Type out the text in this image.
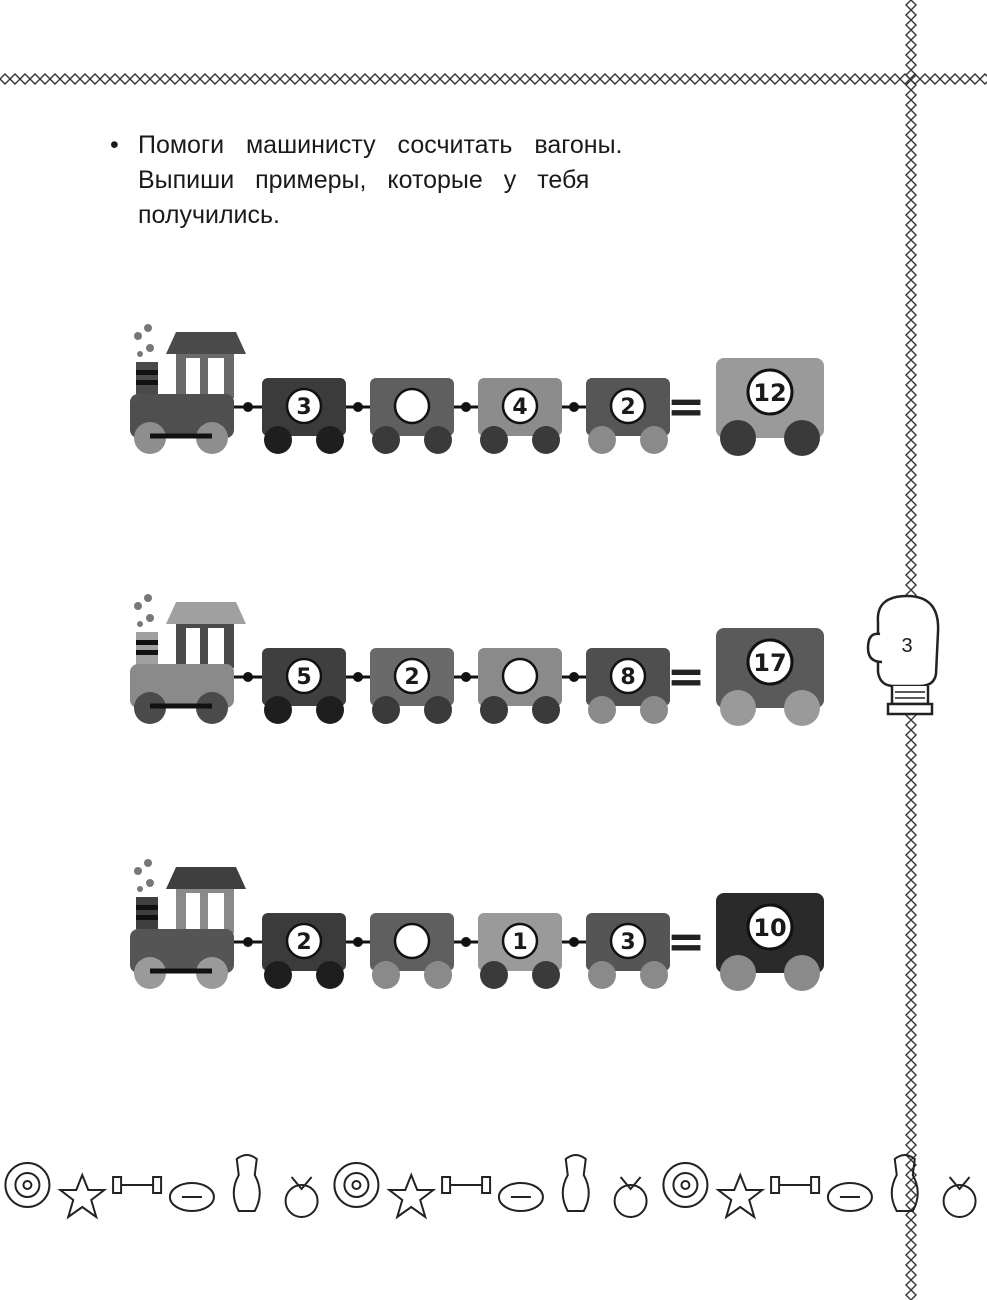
• Помоги машинисту сосчитать вагоны.
Выпиши примеры, которые у тебя
получились.
3	4	2 = 12
5	2	8 = 17
2	1	3 = 10
3
